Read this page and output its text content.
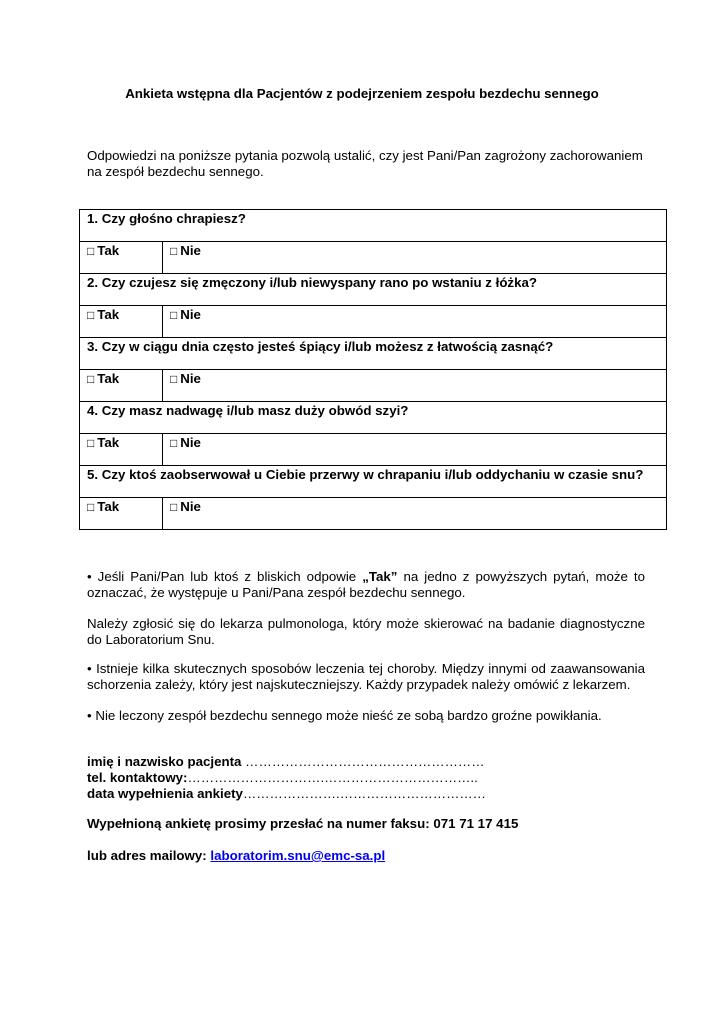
Ankieta wstępna dla Pacjentów z podejrzeniem zespołu bezdechu sennego
Odpowiedzi na poniższe pytania pozwolą ustalić, czy jest Pani/Pan zagrożony zachorowaniem na zespół bezdechu sennego.
1. Czy głośno chrapiesz?	
□ Tak	□ Nie
2. Czy czujesz się zmęczony i/lub niewyspany rano po wstaniu z łóżka?	
□ Tak	□ Nie
3. Czy w ciągu dnia często jesteś śpiący i/lub możesz z łatwością zasnąć?	
□ Tak	□ Nie
4. Czy masz nadwagę i/lub masz duży obwód szyi?	
□ Tak	□ Nie
5. Czy ktoś zaobserwował u Ciebie przerwy w chrapaniu i/lub oddychaniu w czasie snu?	
□ Tak	□ Nie
• Jeśli Pani/Pan lub ktoś z bliskich odpowie „Tak” na jedno z powyższych pytań, może to oznaczać, że występuje u Pani/Pana zespół bezdechu sennego.
Należy zgłosić się do lekarza pulmonologa, który może skierować na badanie diagnostyczne do Laboratorium Snu.
• Istnieje kilka skutecznych sposobów leczenia tej choroby. Między innymi od zaawansowania schorzenia zależy, który jest najskuteczniejszy. Każdy przypadek należy omówić z lekarzem.
• Nie leczony zespół bezdechu sennego może nieść ze sobą bardzo groźne powikłania.
imię i nazwisko pacjenta ………………………………………………
tel. kontaktowy:………………………….……………………………..
data wypełnienia ankiety………………….……………………………
Wypełnioną ankietę prosimy przesłać na numer faksu: 071 71 17 415
lub adres mailowy: laboratorim.snu@emc-sa.pl
